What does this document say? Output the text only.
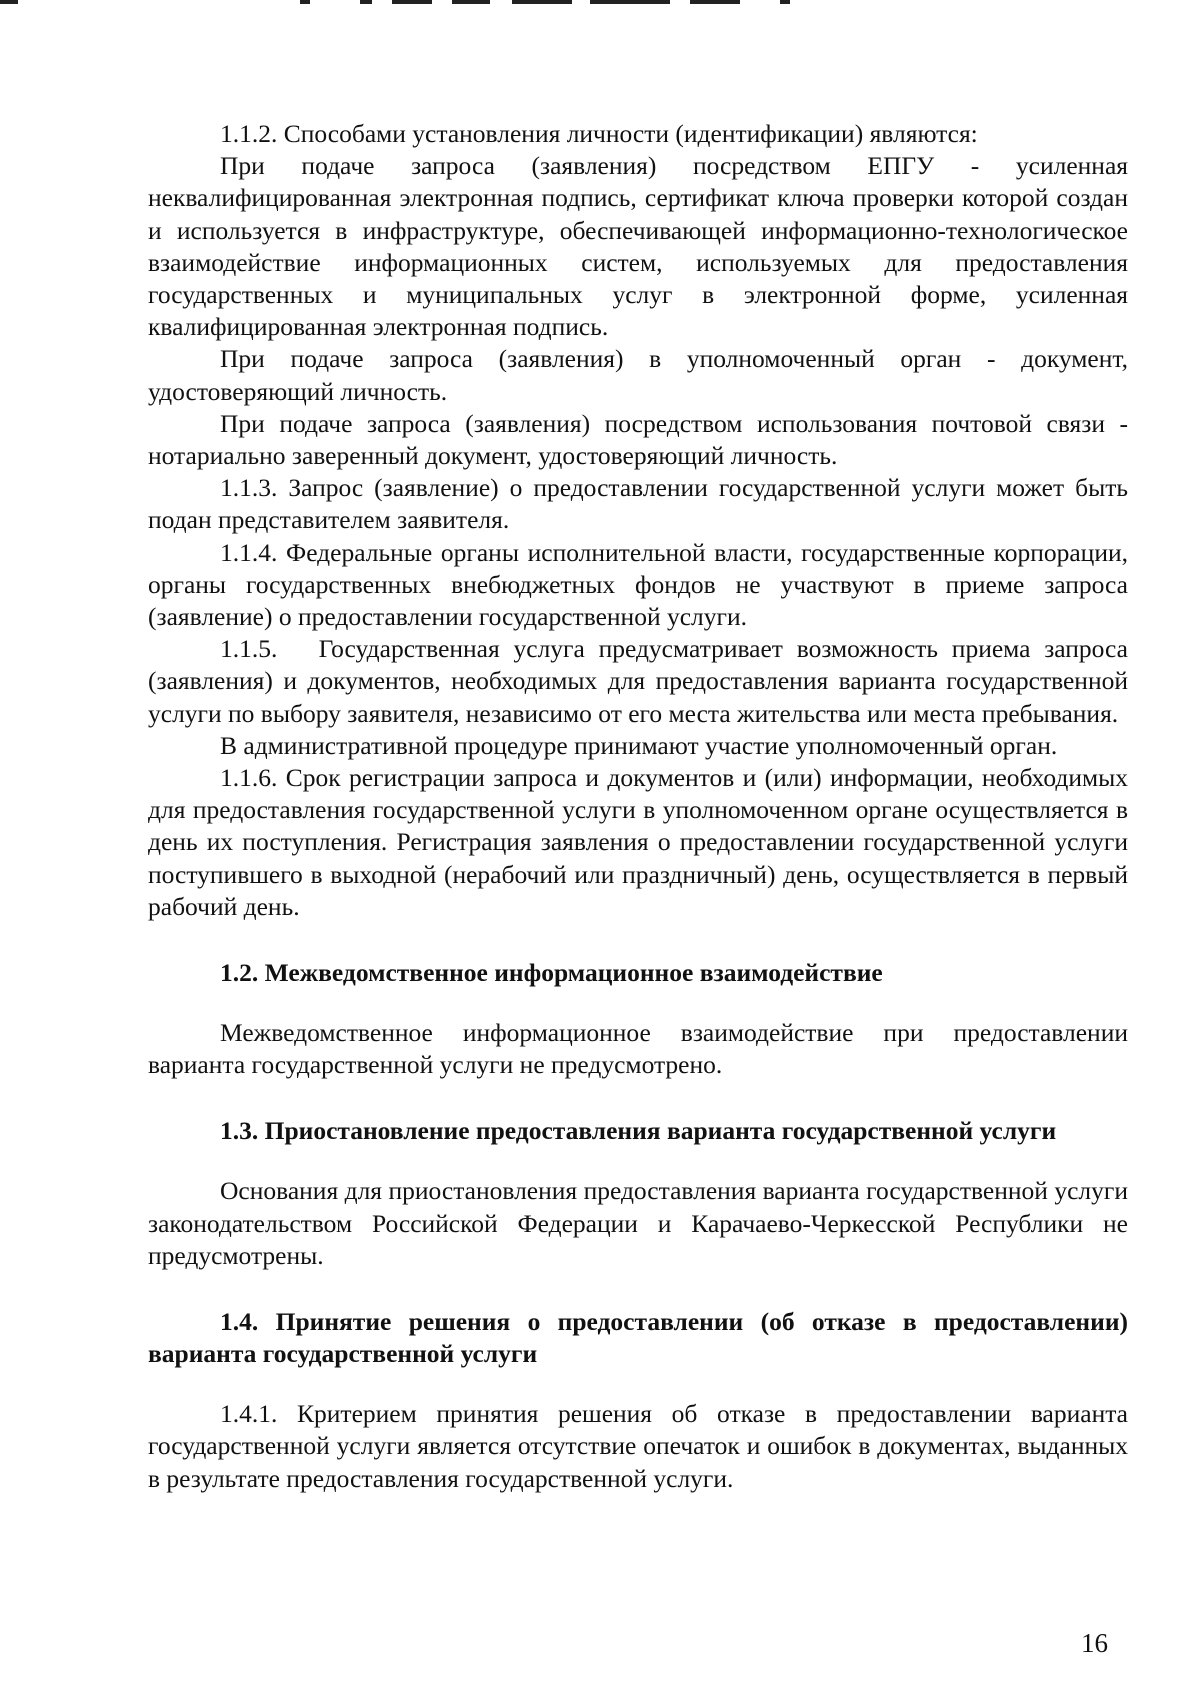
1.1.2. Способами установления личности (идентификации) являются:

При подаче запроса (заявления) посредством ЕПГУ - усиленная неквалифицированная электронная подпись, сертификат ключа проверки которой создан и используется в инфраструктуре, обеспечивающей информационно-технологическое взаимодействие информационных систем, используемых для предоставления государственных и муниципальных услуг в электронной форме, усиленная квалифицированная электронная подпись.

При подаче запроса (заявления) в уполномоченный орган - документ, удостоверяющий личность.

При подаче запроса (заявления) посредством использования почтовой связи - нотариально заверенный документ, удостоверяющий личность.

1.1.3. Запрос (заявление) о предоставлении государственной услуги может быть подан представителем заявителя.

1.1.4. Федеральные органы исполнительной власти, государственные корпорации, органы государственных внебюджетных фондов не участвуют в приеме запроса (заявление) о предоставлении государственной услуги.

1.1.5.   Государственная услуга предусматривает возможность приема запроса (заявления) и документов, необходимых для предоставления варианта государственной услуги по выбору заявителя, независимо от его места жительства или места пребывания.

В административной процедуре принимают участие уполномоченный орган.

1.1.6. Срок регистрации запроса и документов и (или) информации, необходимых для предоставления государственной услуги в уполномоченном органе осуществляется в день их поступления. Регистрация заявления о предоставлении государственной услуги поступившего в выходной (нерабочий или праздничный) день, осуществляется в первый рабочий день.

1.2. Межведомственное информационное взаимодействие

Межведомственное информационное взаимодействие при предоставлении варианта государственной услуги не предусмотрено.

1.3. Приостановление предоставления варианта государственной услуги

Основания для приостановления предоставления варианта государственной услуги законодательством Российской Федерации и Карачаево-Черкесской Республики не предусмотрены.

1.4. Принятие решения о предоставлении (об отказе в предоставлении) варианта государственной услуги

1.4.1. Критерием принятия решения об отказе в предоставлении варианта государственной услуги является отсутствие опечаток и ошибок в документах, выданных в результате предоставления государственной услуги.

16
